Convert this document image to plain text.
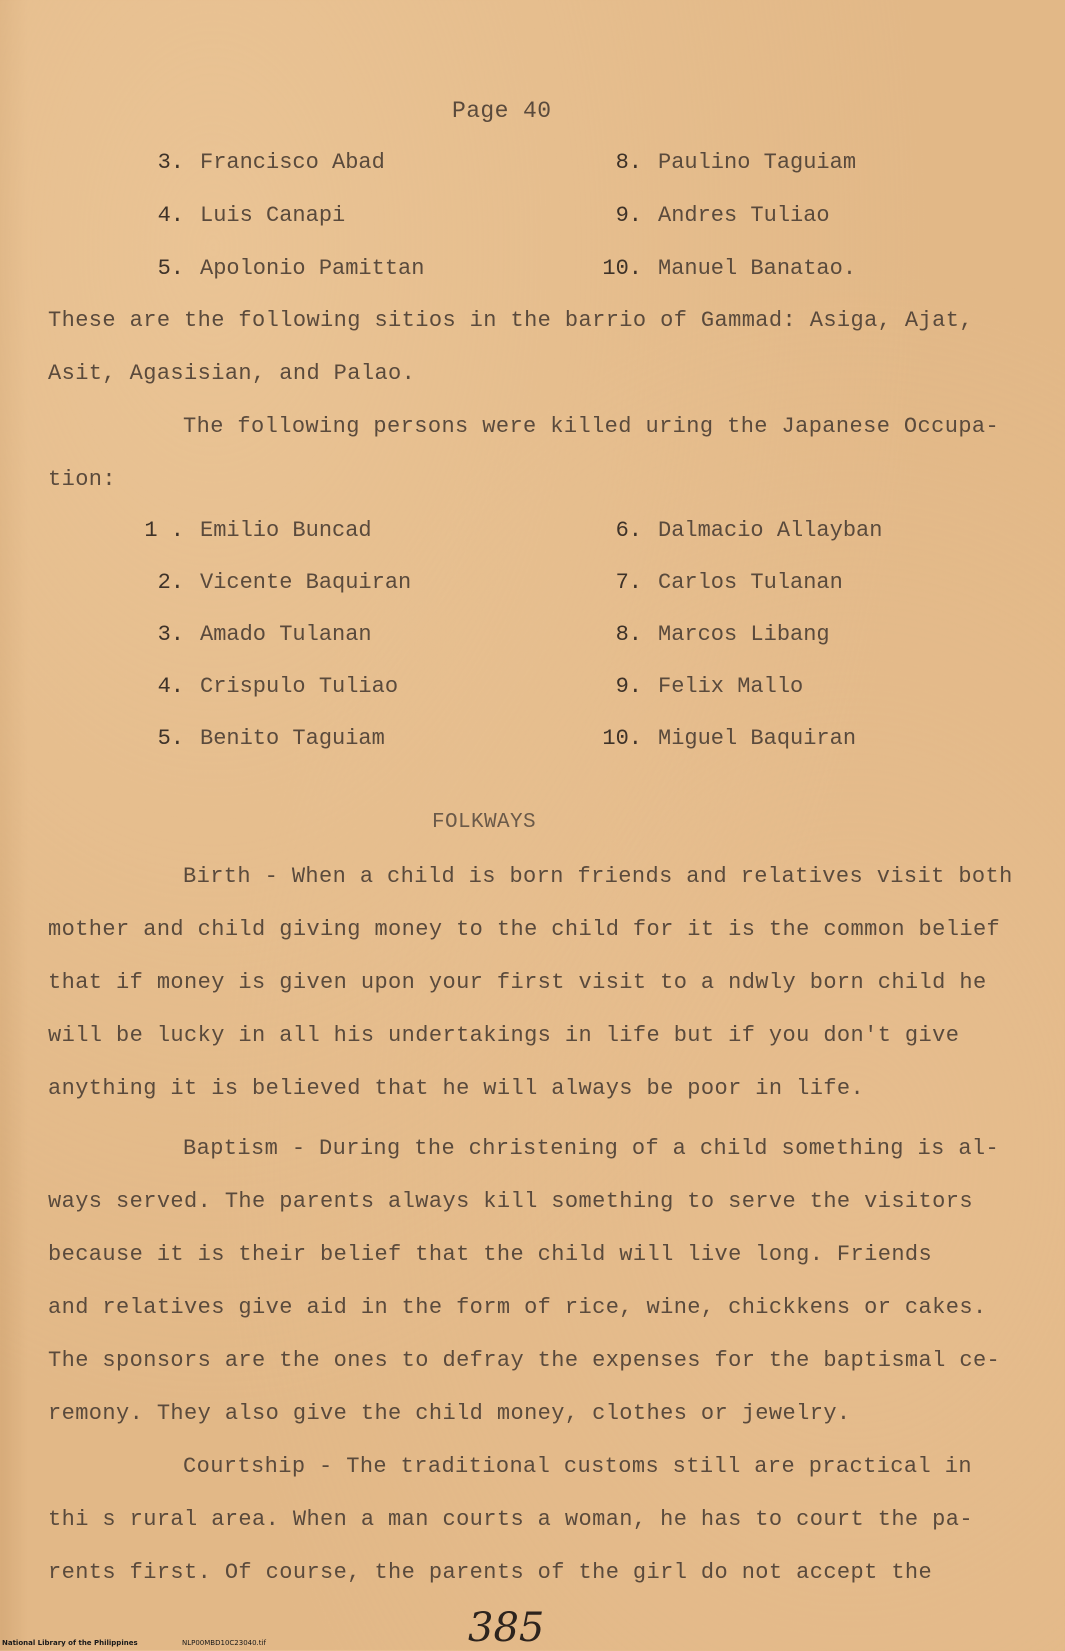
Page 40
3. Francisco Abad
4. Luis Canapi
5. Apolonio Pamittan
8. Paulino Taguiam
9. Andres Tuliao
10. Manuel Banatao.
These are the following sitios in the barrio of Gammad: Asiga, Ajat,
Asit, Agasisian, and Palao.
The following persons were killed uring the Japanese Occupa-
tion:
1 . Emilio Buncad
2. Vicente Baquiran
3. Amado Tulanan
4. Crispulo Tuliao
5. Benito Taguiam
6. Dalmacio Allayban
7. Carlos Tulanan
8. Marcos Libang
9. Felix Mallo
10. Miguel Baquiran
FOLKWAYS
Birth - When a child is born friends and relatives visit both
mother and child giving money to the child for it is the common belief
that if money is given upon your first visit to a ndwly born child he
will be lucky in all his undertakings in life but if you don't give
anything it is believed that he will always be poor in life.
Baptism - During the christening of a child something is al-
ways served. The parents always kill something to serve the visitors
because it is their belief that the child will live long. Friends
and relatives give aid in the form of rice, wine, chickkens or cakes.
The sponsors are the ones to defray the expenses for the baptismal ce-
remony. They also give the child money, clothes or jewelry.
Courtship - The traditional customs still are practical in
thi s rural area. When a man courts a woman, he has to court the pa-
rents first. Of course, the parents of the girl do not accept the
385
National Library of the Philippines	NLP00MBD10C23040.tif
